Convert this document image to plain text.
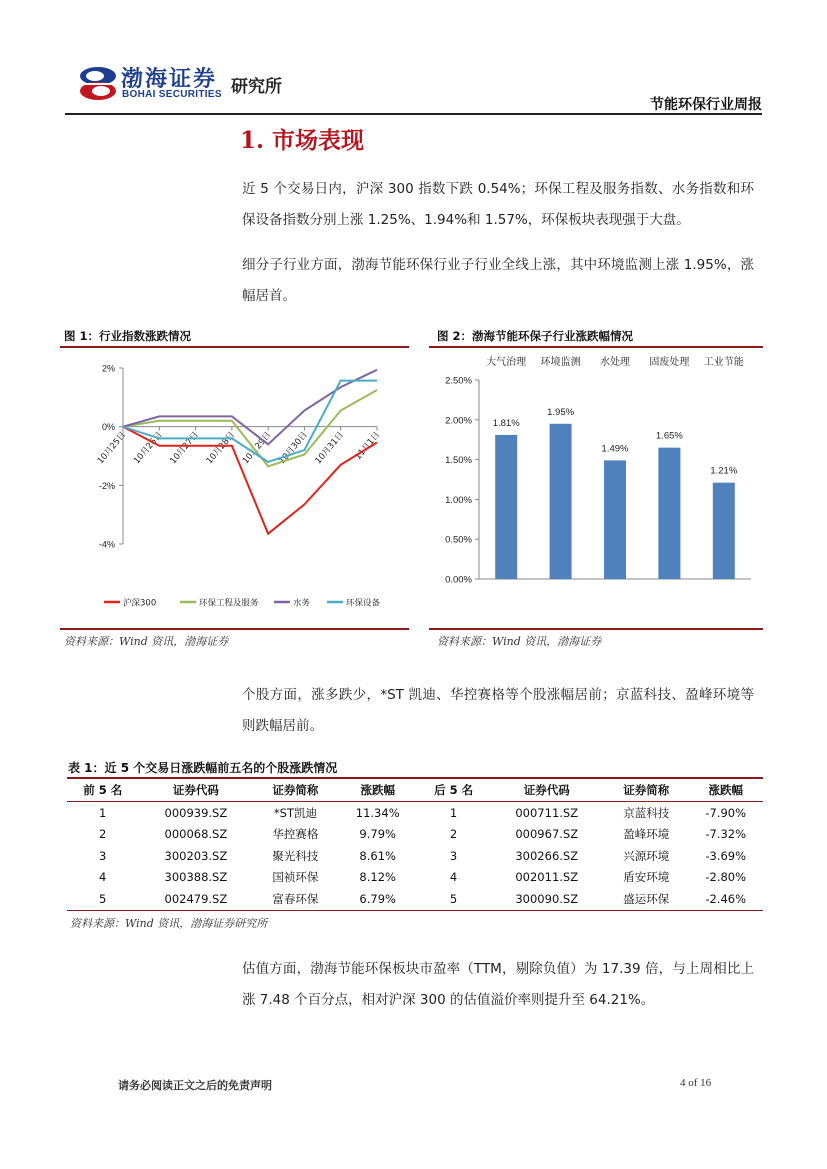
渤海证券
BOHAI SECURITIES 研究所
节能环保行业周报
1. 市场表现
近 5 个交易日内，沪深 300 指数下跌 0.54%；环保工程及服务指数、水务指数和环保设备指数分别上涨 1.25%、1.94%和 1.57%，环保板块表现强于大盘。
细分子行业方面，渤海节能环保行业子行业全线上涨，其中环境监测上涨 1.95%，涨幅居首。
图 1：行业指数涨跌情况	图 2：渤海节能环保子行业涨跌幅情况
2%
0%
-2%
-4%
10月25日 10月26日 10月27日 10月28日 10月29日 10月30日 10月31日 11月1日
沪深300	环保工程及服务	水务	环保设备
大气治理 环境监测 水处理 固废处理 工业节能
2.50%
2.00%
1.50%
1.00%
0.50%
0.00%
1.81%
1.95%
1.49%
1.65%
1.21%
资料来源：Wind 资讯，渤海证券	资料来源：Wind 资讯，渤海证券
个股方面，涨多跌少，*ST 凯迪、华控赛格等个股涨幅居前；京蓝科技、盈峰环境等则跌幅居前。
表 1：近 5 个交易日涨跌幅前五名的个股涨跌情况
前 5 名	证券代码	证券简称	涨跌幅	后 5 名	证券代码	证券简称	涨跌幅
1	000939.SZ	*ST凯迪	11.34%	1	000711.SZ	京蓝科技	-7.90%
2	000068.SZ	华控赛格	9.79%	2	000967.SZ	盈峰环境	-7.32%
3	300203.SZ	聚光科技	8.61%	3	300266.SZ	兴源环境	-3.69%
4	300388.SZ	国祯环保	8.12%	4	002011.SZ	盾安环境	-2.80%
5	002479.SZ	富春环保	6.79%	5	300090.SZ	盛运环保	-2.46%
资料来源：Wind 资讯，渤海证券研究所
估值方面，渤海节能环保板块市盈率（TTM，剔除负值）为 17.39 倍，与上周相比上涨 7.48 个百分点，相对沪深 300 的估值溢价率则提升至 64.21%。
请务必阅读正文之后的免责声明	4 of 16
